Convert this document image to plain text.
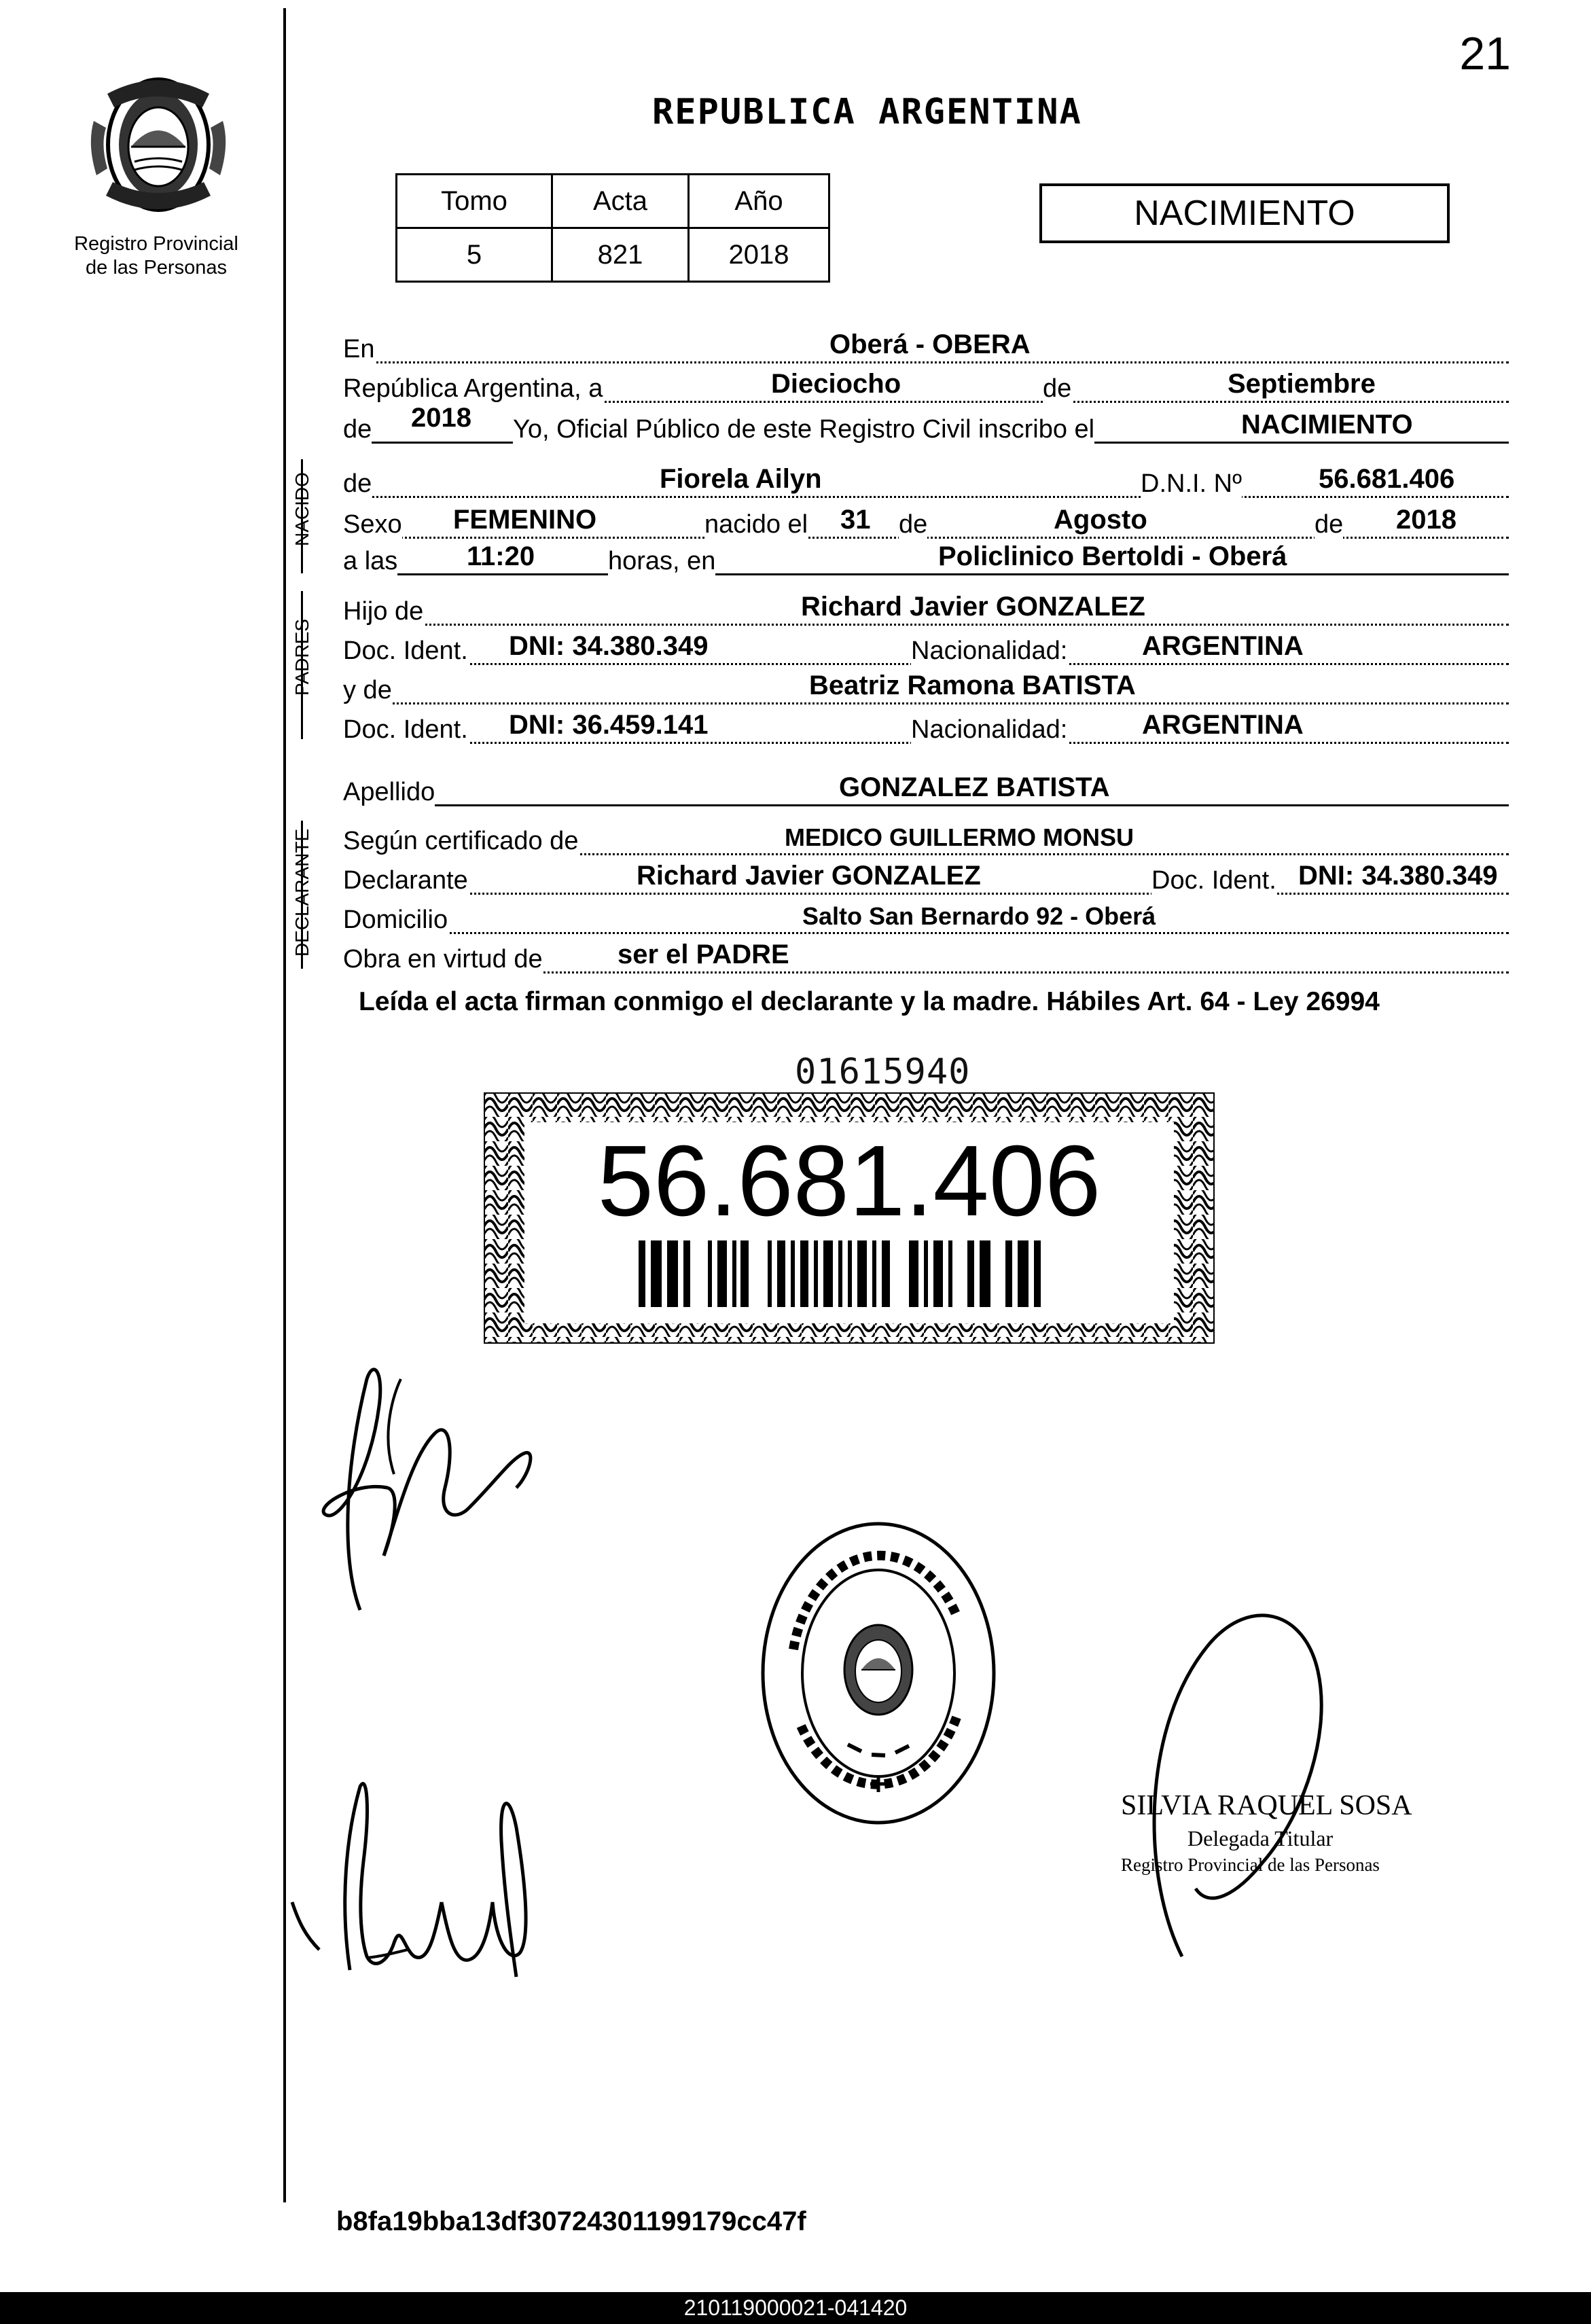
21
Registro Provincial
de las Personas
REPUBLICA ARGENTINA
Tomo	Acta	Año
5	821	2018
NACIMIENTO
En	Oberá - OBERA
República Argentina, a	Dieciocho	de	Septiembre
de 2018 Yo, Oficial Público de este Registro Civil inscribo el	NACIMIENTO
NACIDO de	Fiorela Ailyn	D.N.I. Nº	56.681.406
Sexo FEMENINO	nacido el 31 de	Agosto	de 2018
a las	11:20	horas, en	Policlinico Bertoldi - Oberá
PADRES
Hijo de	Richard Javier GONZALEZ
Doc. Ident. DNI: 34.380.349	Nacionalidad:	ARGENTINA
y de	Beatriz Ramona BATISTA
Doc. Ident. DNI: 36.459.141	Nacionalidad:	ARGENTINA
Apellido	GONZALEZ BATISTA
DECLARANTE Según certificado de	MEDICO GUILLERMO MONSU
Declarante	Richard Javier GONZALEZ	Doc. Ident. DNI: 34.380.349
Domicilio	Salto San Bernardo 92 - Oberá
Obra en virtud de	ser el PADRE
Leída el acta firman conmigo el declarante y la madre. Hábiles Art. 64 - Ley 26994
01615940
56.681.406
SILVIA RAQUEL SOSA
Delegada Titular
Registro Provincial de las Personas
b8fa19bba13df30724301199179cc47f
210119000021-041420
